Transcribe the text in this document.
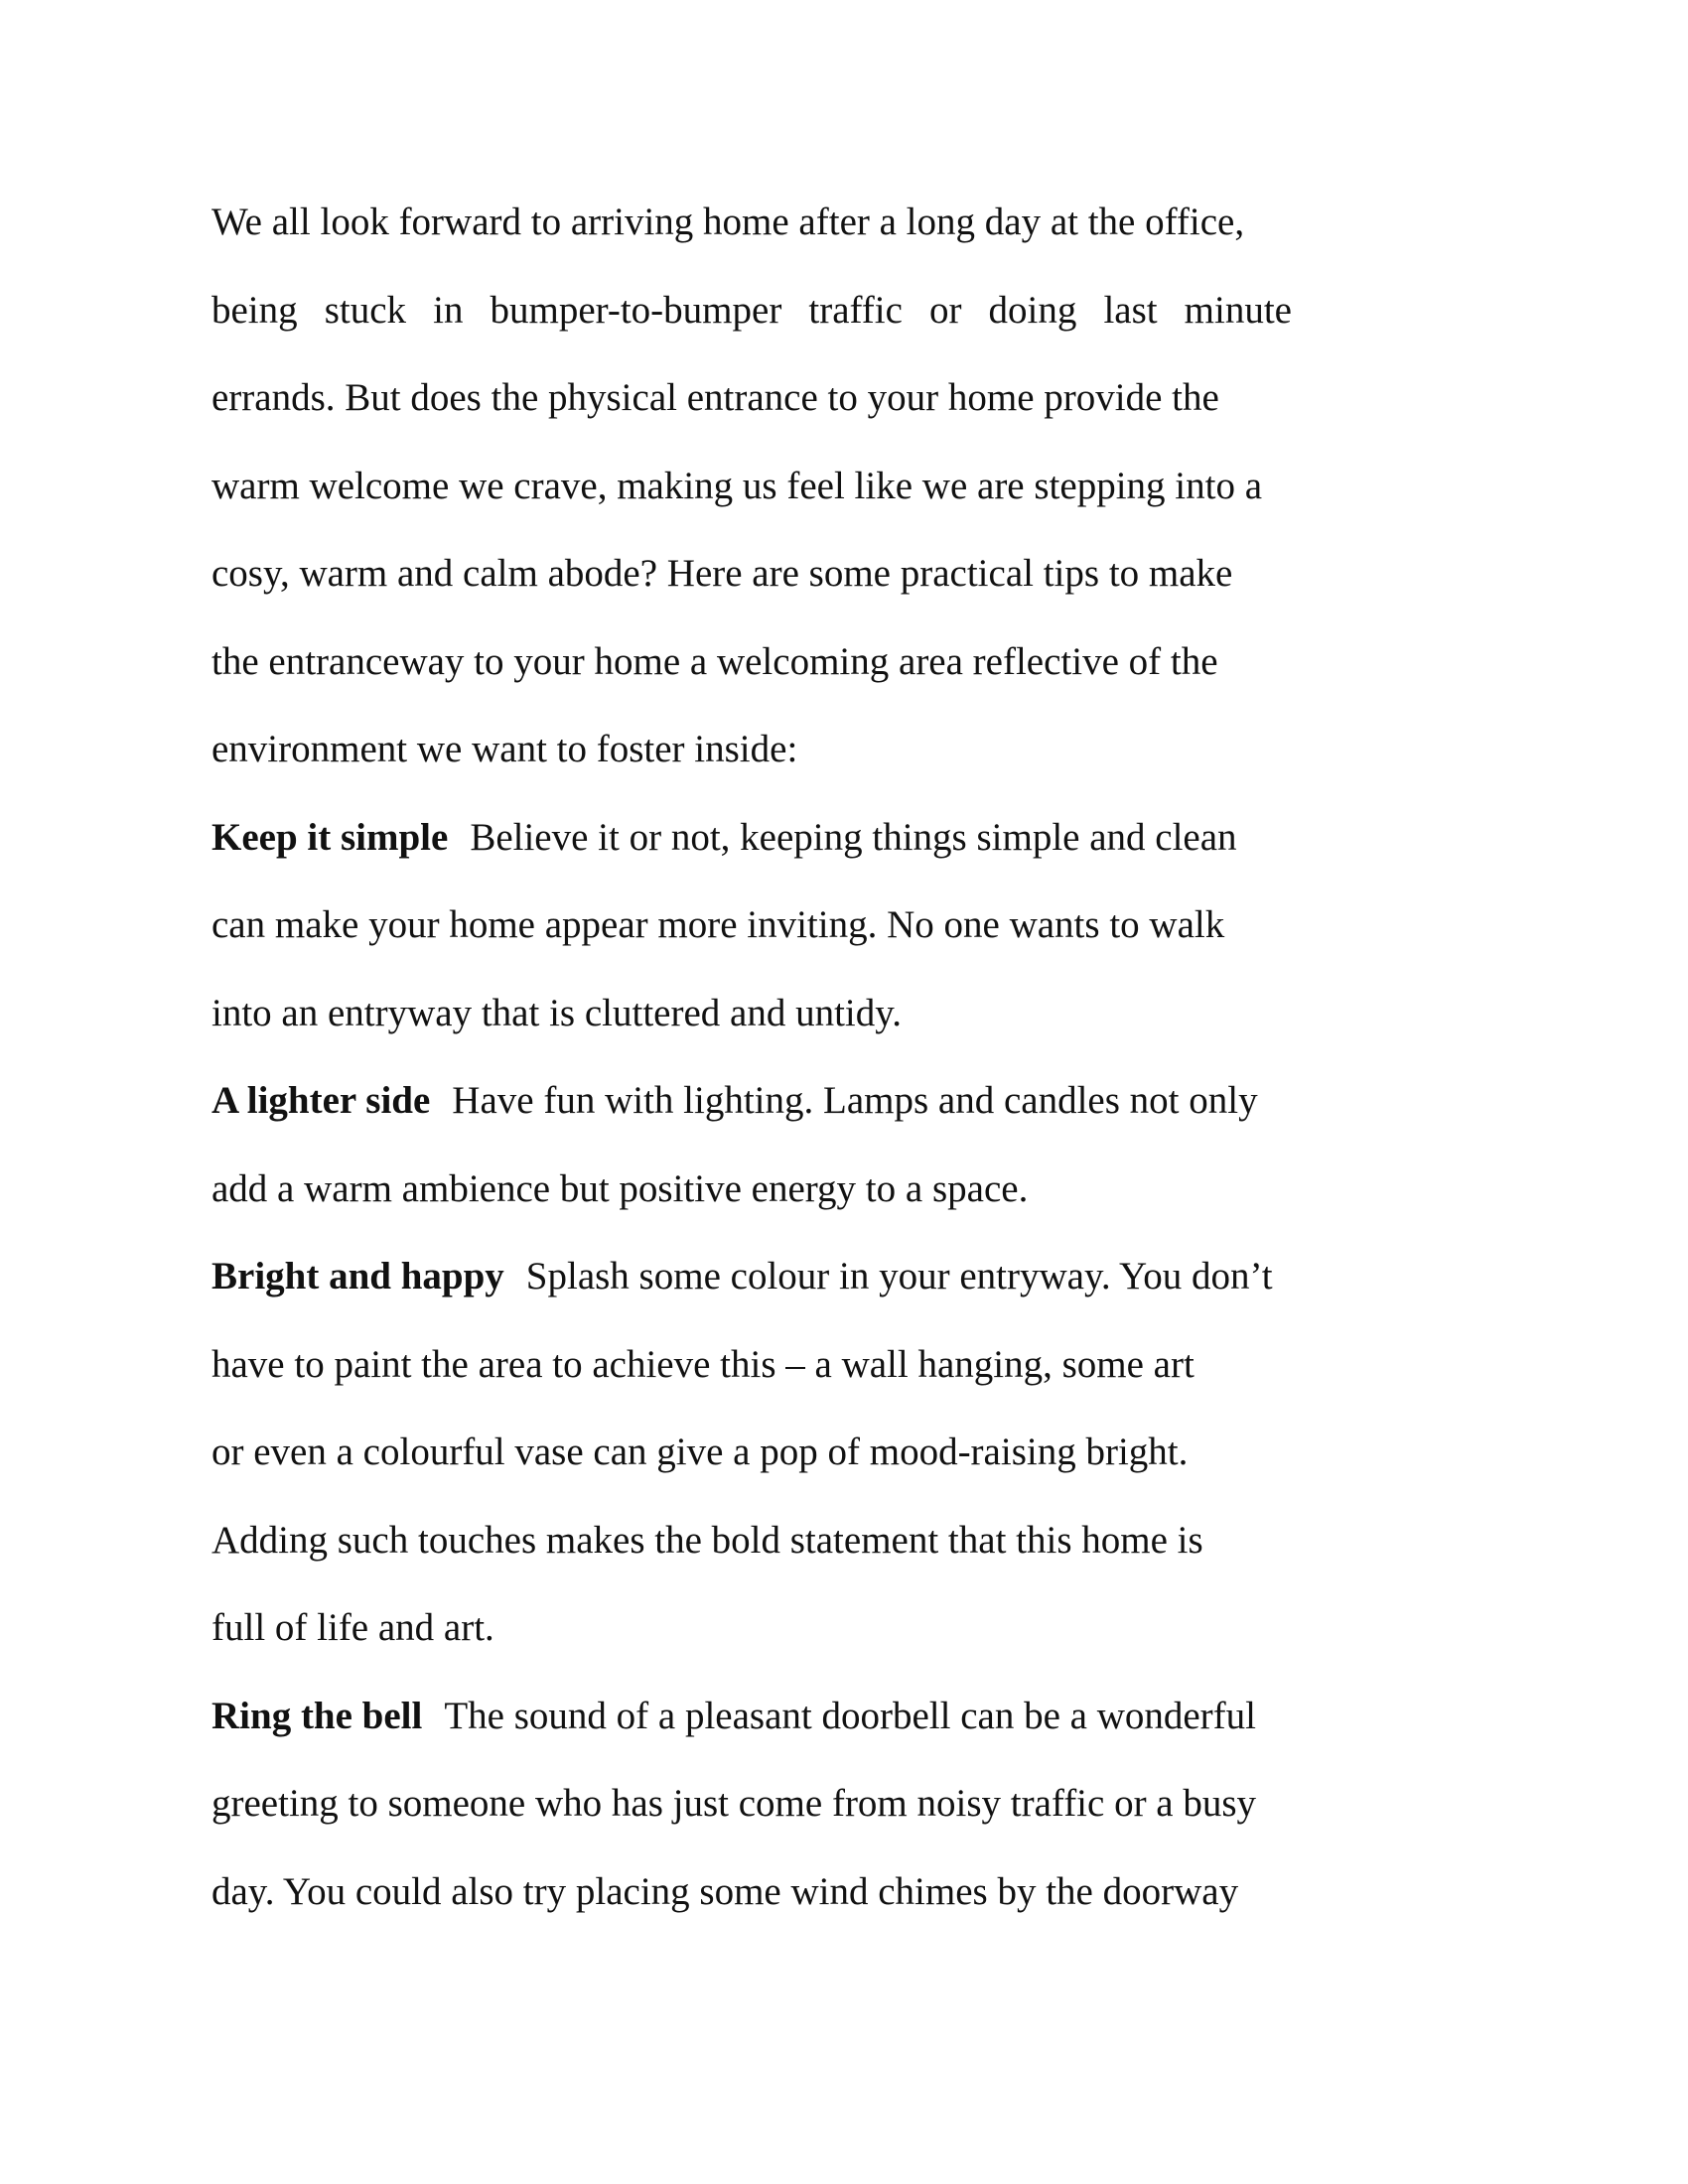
We all look forward to arriving home after a long day at the office,
being stuck in bumper-to-bumper traffic or doing last minute
errands. But does the physical entrance to your home provide the
warm welcome we crave, making us feel like we are stepping into a
cosy, warm and calm abode? Here are some practical tips to make
the entranceway to your home a welcoming area reflective of the
environment we want to foster inside:
Keep it simple Believe it or not, keeping things simple and clean
can make your home appear more inviting. No one wants to walk
into an entryway that is cluttered and untidy.
A lighter side Have fun with lighting. Lamps and candles not only
add a warm ambience but positive energy to a space.
Bright and happy Splash some colour in your entryway. You don’t
have to paint the area to achieve this – a wall hanging, some art
or even a colourful vase can give a pop of mood-raising bright.
Adding such touches makes the bold statement that this home is
full of life and art.
Ring the bell The sound of a pleasant doorbell can be a wonderful
greeting to someone who has just come from noisy traffic or a busy
day. You could also try placing some wind chimes by the doorway
